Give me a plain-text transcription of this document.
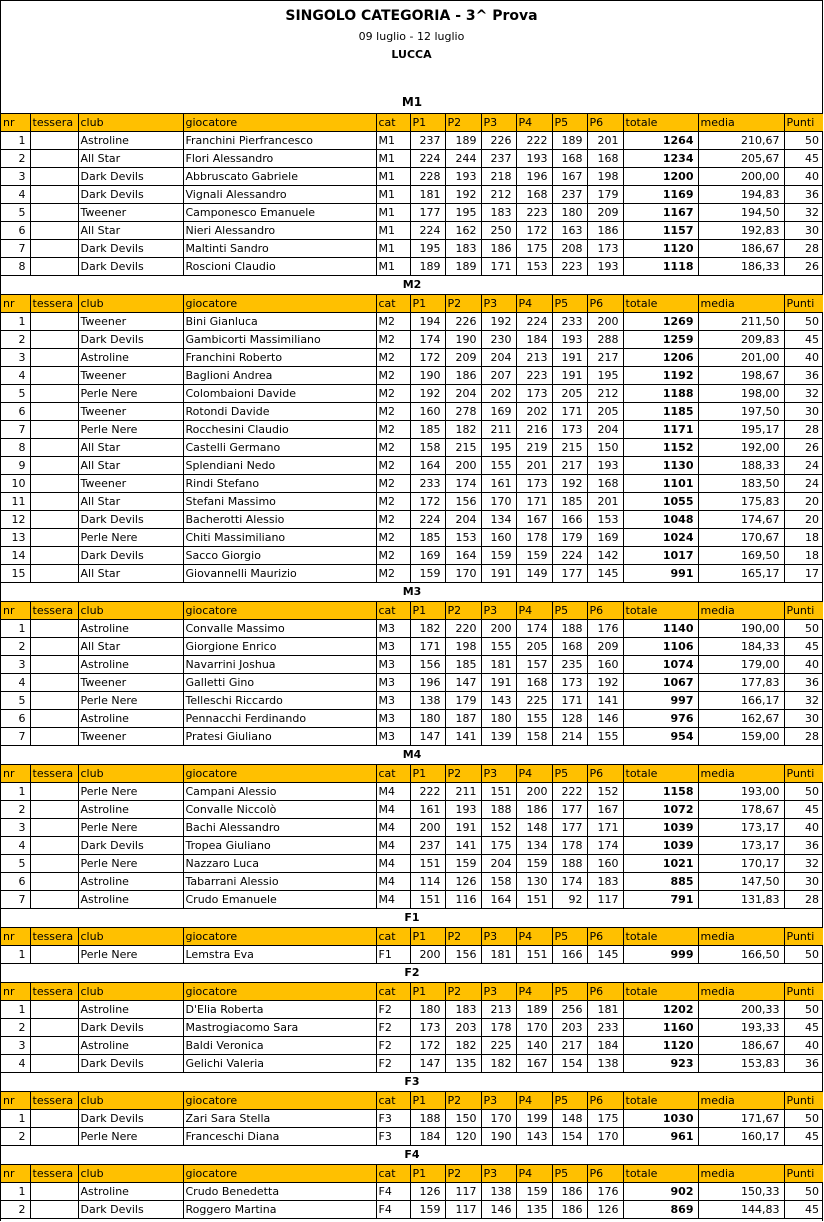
SINGOLO CATEGORIA - 3^ Prova
09 luglio - 12 luglio
LUCCA
M1													
nr	tessera	club	giocatore	cat	P1	P2	P3	P4	P5	P6	totale	media	Punti
1		Astroline	Franchini Pierfrancesco	M1	237	189	226	222	189	201	1264	210,67	50
2		All Star	Flori Alessandro	M1	224	244	237	193	168	168	1234	205,67	45
3		Dark Devils	Abbruscato Gabriele	M1	228	193	218	196	167	198	1200	200,00	40
4		Dark Devils	Vignali Alessandro	M1	181	192	212	168	237	179	1169	194,83	36
5		Tweener	Camponesco Emanuele	M1	177	195	183	223	180	209	1167	194,50	32
6		All Star	Nieri Alessandro	M1	224	162	250	172	163	186	1157	192,83	30
7		Dark Devils	Maltinti Sandro	M1	195	183	186	175	208	173	1120	186,67	28
8		Dark Devils	Roscioni Claudio	M1	189	189	171	153	223	193	1118	186,33	26
M2													
nr	tessera	club	giocatore	cat	P1	P2	P3	P4	P5	P6	totale	media	Punti
1		Tweener	Bini Gianluca	M2	194	226	192	224	233	200	1269	211,50	50
2		Dark Devils	Gambicorti Massimiliano	M2	174	190	230	184	193	288	1259	209,83	45
3		Astroline	Franchini Roberto	M2	172	209	204	213	191	217	1206	201,00	40
4		Tweener	Baglioni Andrea	M2	190	186	207	223	191	195	1192	198,67	36
5		Perle Nere	Colombaioni Davide	M2	192	204	202	173	205	212	1188	198,00	32
6		Tweener	Rotondi Davide	M2	160	278	169	202	171	205	1185	197,50	30
7		Perle Nere	Rocchesini Claudio	M2	185	182	211	216	173	204	1171	195,17	28
8		All Star	Castelli Germano	M2	158	215	195	219	215	150	1152	192,00	26
9		All Star	Splendiani Nedo	M2	164	200	155	201	217	193	1130	188,33	24
10		Tweener	Rindi Stefano	M2	233	174	161	173	192	168	1101	183,50	24
11		All Star	Stefani Massimo	M2	172	156	170	171	185	201	1055	175,83	20
12		Dark Devils	Bacherotti Alessio	M2	224	204	134	167	166	153	1048	174,67	20
13		Perle Nere	Chiti Massimiliano	M2	185	153	160	178	179	169	1024	170,67	18
14		Dark Devils	Sacco Giorgio	M2	169	164	159	159	224	142	1017	169,50	18
15		All Star	Giovannelli Maurizio	M2	159	170	191	149	177	145	991	165,17	17
M3													
nr	tessera	club	giocatore	cat	P1	P2	P3	P4	P5	P6	totale	media	Punti
1		Astroline	Convalle Massimo	M3	182	220	200	174	188	176	1140	190,00	50
2		All Star	Giorgione Enrico	M3	171	198	155	205	168	209	1106	184,33	45
3		Astroline	Navarrini Joshua	M3	156	185	181	157	235	160	1074	179,00	40
4		Tweener	Galletti Gino	M3	196	147	191	168	173	192	1067	177,83	36
5		Perle Nere	Telleschi Riccardo	M3	138	179	143	225	171	141	997	166,17	32
6		Astroline	Pennacchi Ferdinando	M3	180	187	180	155	128	146	976	162,67	30
7		Tweener	Pratesi Giuliano	M3	147	141	139	158	214	155	954	159,00	28
M4													
nr	tessera	club	giocatore	cat	P1	P2	P3	P4	P5	P6	totale	media	Punti
1		Perle Nere	Campani Alessio	M4	222	211	151	200	222	152	1158	193,00	50
2		Astroline	Convalle Niccolò	M4	161	193	188	186	177	167	1072	178,67	45
3		Perle Nere	Bachi Alessandro	M4	200	191	152	148	177	171	1039	173,17	40
4		Dark Devils	Tropea Giuliano	M4	237	141	175	134	178	174	1039	173,17	36
5		Perle Nere	Nazzaro Luca	M4	151	159	204	159	188	160	1021	170,17	32
6		Astroline	Tabarrani Alessio	M4	114	126	158	130	174	183	885	147,50	30
7		Astroline	Crudo Emanuele	M4	151	116	164	151	92	117	791	131,83	28
F1													
nr	tessera	club	giocatore	cat	P1	P2	P3	P4	P5	P6	totale	media	Punti
1		Perle Nere	Lemstra Eva	F1	200	156	181	151	166	145	999	166,50	50
F2													
nr	tessera	club	giocatore	cat	P1	P2	P3	P4	P5	P6	totale	media	Punti
1		Astroline	D'Elia Roberta	F2	180	183	213	189	256	181	1202	200,33	50
2		Dark Devils	Mastrogiacomo Sara	F2	173	203	178	170	203	233	1160	193,33	45
3		Astroline	Baldi Veronica	F2	172	182	225	140	217	184	1120	186,67	40
4		Dark Devils	Gelichi Valeria	F2	147	135	182	167	154	138	923	153,83	36
F3													
nr	tessera	club	giocatore	cat	P1	P2	P3	P4	P5	P6	totale	media	Punti
1		Dark Devils	Zari Sara Stella	F3	188	150	170	199	148	175	1030	171,67	50
2		Perle Nere	Franceschi Diana	F3	184	120	190	143	154	170	961	160,17	45
F4													
nr	tessera	club	giocatore	cat	P1	P2	P3	P4	P5	P6	totale	media	Punti
1		Astroline	Crudo Benedetta	F4	126	117	138	159	186	176	902	150,33	50
2		Dark Devils	Roggero Martina	F4	159	117	146	135	186	126	869	144,83	45
